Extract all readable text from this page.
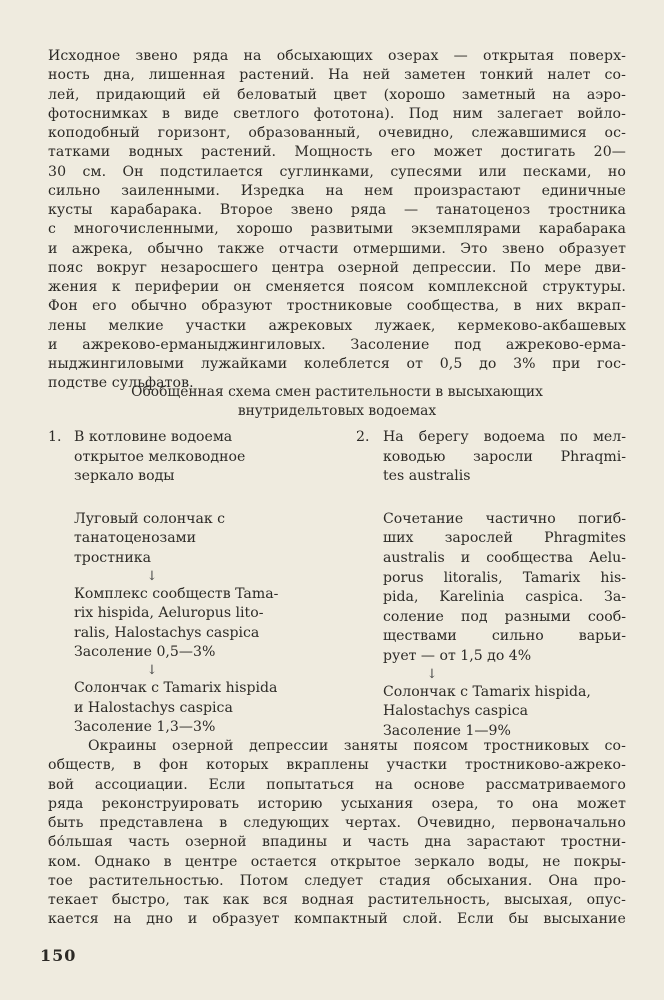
Исходное звено ряда на обсыхающих озерах — открытая поверх-
ность дна, лишенная растений. На ней заметен тонкий налет со-
лей, придающий ей беловатый цвет (хорошо заметный на аэро-
фотоснимках в виде светлого фототона). Под ним залегает войло-
коподобный горизонт, образованный, очевидно, слежавшимися ос-
татками водных растений. Мощность его может достигать 20—
30 см. Он подстилается суглинками, супесями или песками, но
сильно заиленными. Изредка на нем произрастают единичные
кусты карабарака. Второе звено ряда — танатоценоз тростника
с многочисленными, хорошо развитыми экземплярами карабарака
и ажрека, обычно также отчасти отмершими. Это звено образует
пояс вокруг незаросшего центра озерной депрессии. По мере дви-
жения к периферии он сменяется поясом комплексной структуры.
Фон его обычно образуют тростниковые сообщества, в них вкрап-
лены мелкие участки ажрековых лужаек, кермеково-акбашевых
и ажреково-ерманыджингиловых. Засоление под ажреково-ерма-
ныджингиловыми лужайками колеблется от 0,5 до 3% при гос-
подстве сульфатов.
Обобщенная схема смен растительности в высыхающих
внутридельтовых водоемах
1. В котловине водоема
открытое мелководное
зеркало воды
Луговый солончак с
танатоценозами
тростника
↓
Комплекс сообществ Tama-
rix hispida, Aeluropus lito-
ralis, Halostachys caspica
Засоление 0,5—3%
↓
Солончак с Tamarix hispida
и Halostachys caspica
Засоление 1,3—3%
2. На берегу водоема по мел-
ководью заросли Phraqmi-
tes australis
Сочетание частично погиб-
ших зарослей Phragmites
australis и сообщества Aelu-
porus litoralis, Tamarix his-
pida, Karelinia caspica. За-
соление под разными сооб-
ществами сильно варьи-
рует — от 1,5 до 4%
↓
Солончак с Tamarix hispida,
Halostachys caspica
Засоление 1—9%
Окраины озерной депрессии заняты поясом тростниковых со-
обществ, в фон которых вкраплены участки тростниково-ажреко-
вой ассоциации. Если попытаться на основе рассматриваемого
ряда реконструировать историю усыхания озера, то она может
быть представлена в следующих чертах. Очевидно, первоначально
бо́льшая часть озерной впадины и часть дна зарастают тростни-
ком. Однако в центре остается открытое зеркало воды, не покры-
тое растительностью. Потом следует стадия обсыхания. Она про-
текает быстро, так как вся водная растительность, высыхая, опус-
кается на дно и образует компактный слой. Если бы высыхание
150
